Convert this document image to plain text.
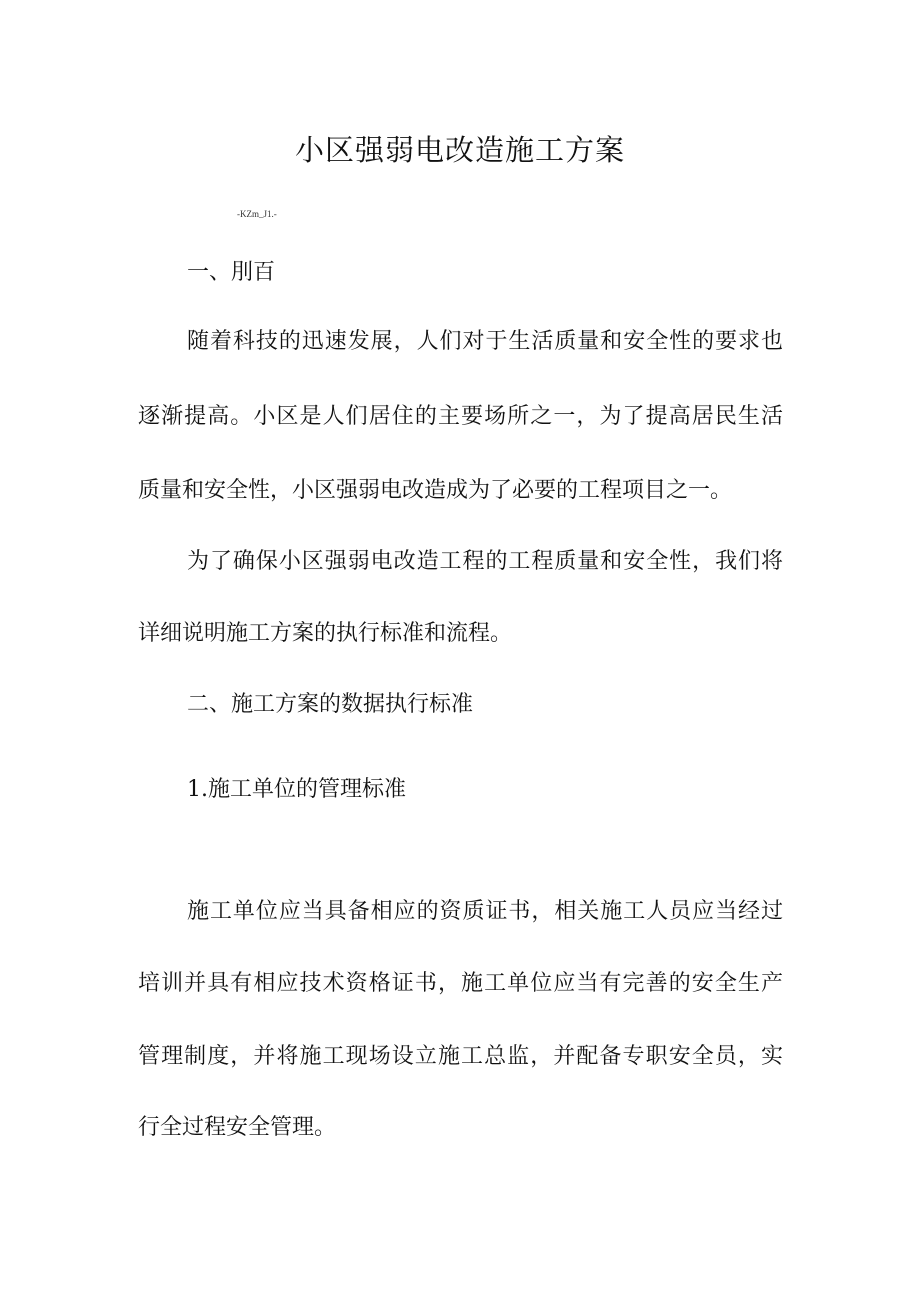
小区强弱电改造施工方案
-KZm_J1.-
一、刖百
随着科技的迅速发展，人们对于生活质量和安全性的要求也
逐渐提高。小区是人们居住的主要场所之一，为了提高居民生活
质量和安全性，小区强弱电改造成为了必要的工程项目之一。
为了确保小区强弱电改造工程的工程质量和安全性，我们将
详细说明施工方案的执行标准和流程。
二、施工方案的数据执行标准
1.施工单位的管理标准
施工单位应当具备相应的资质证书，相关施工人员应当经过
培训并具有相应技术资格证书，施工单位应当有完善的安全生产
管理制度，并将施工现场设立施工总监，并配备专职安全员，实
行全过程安全管理。
